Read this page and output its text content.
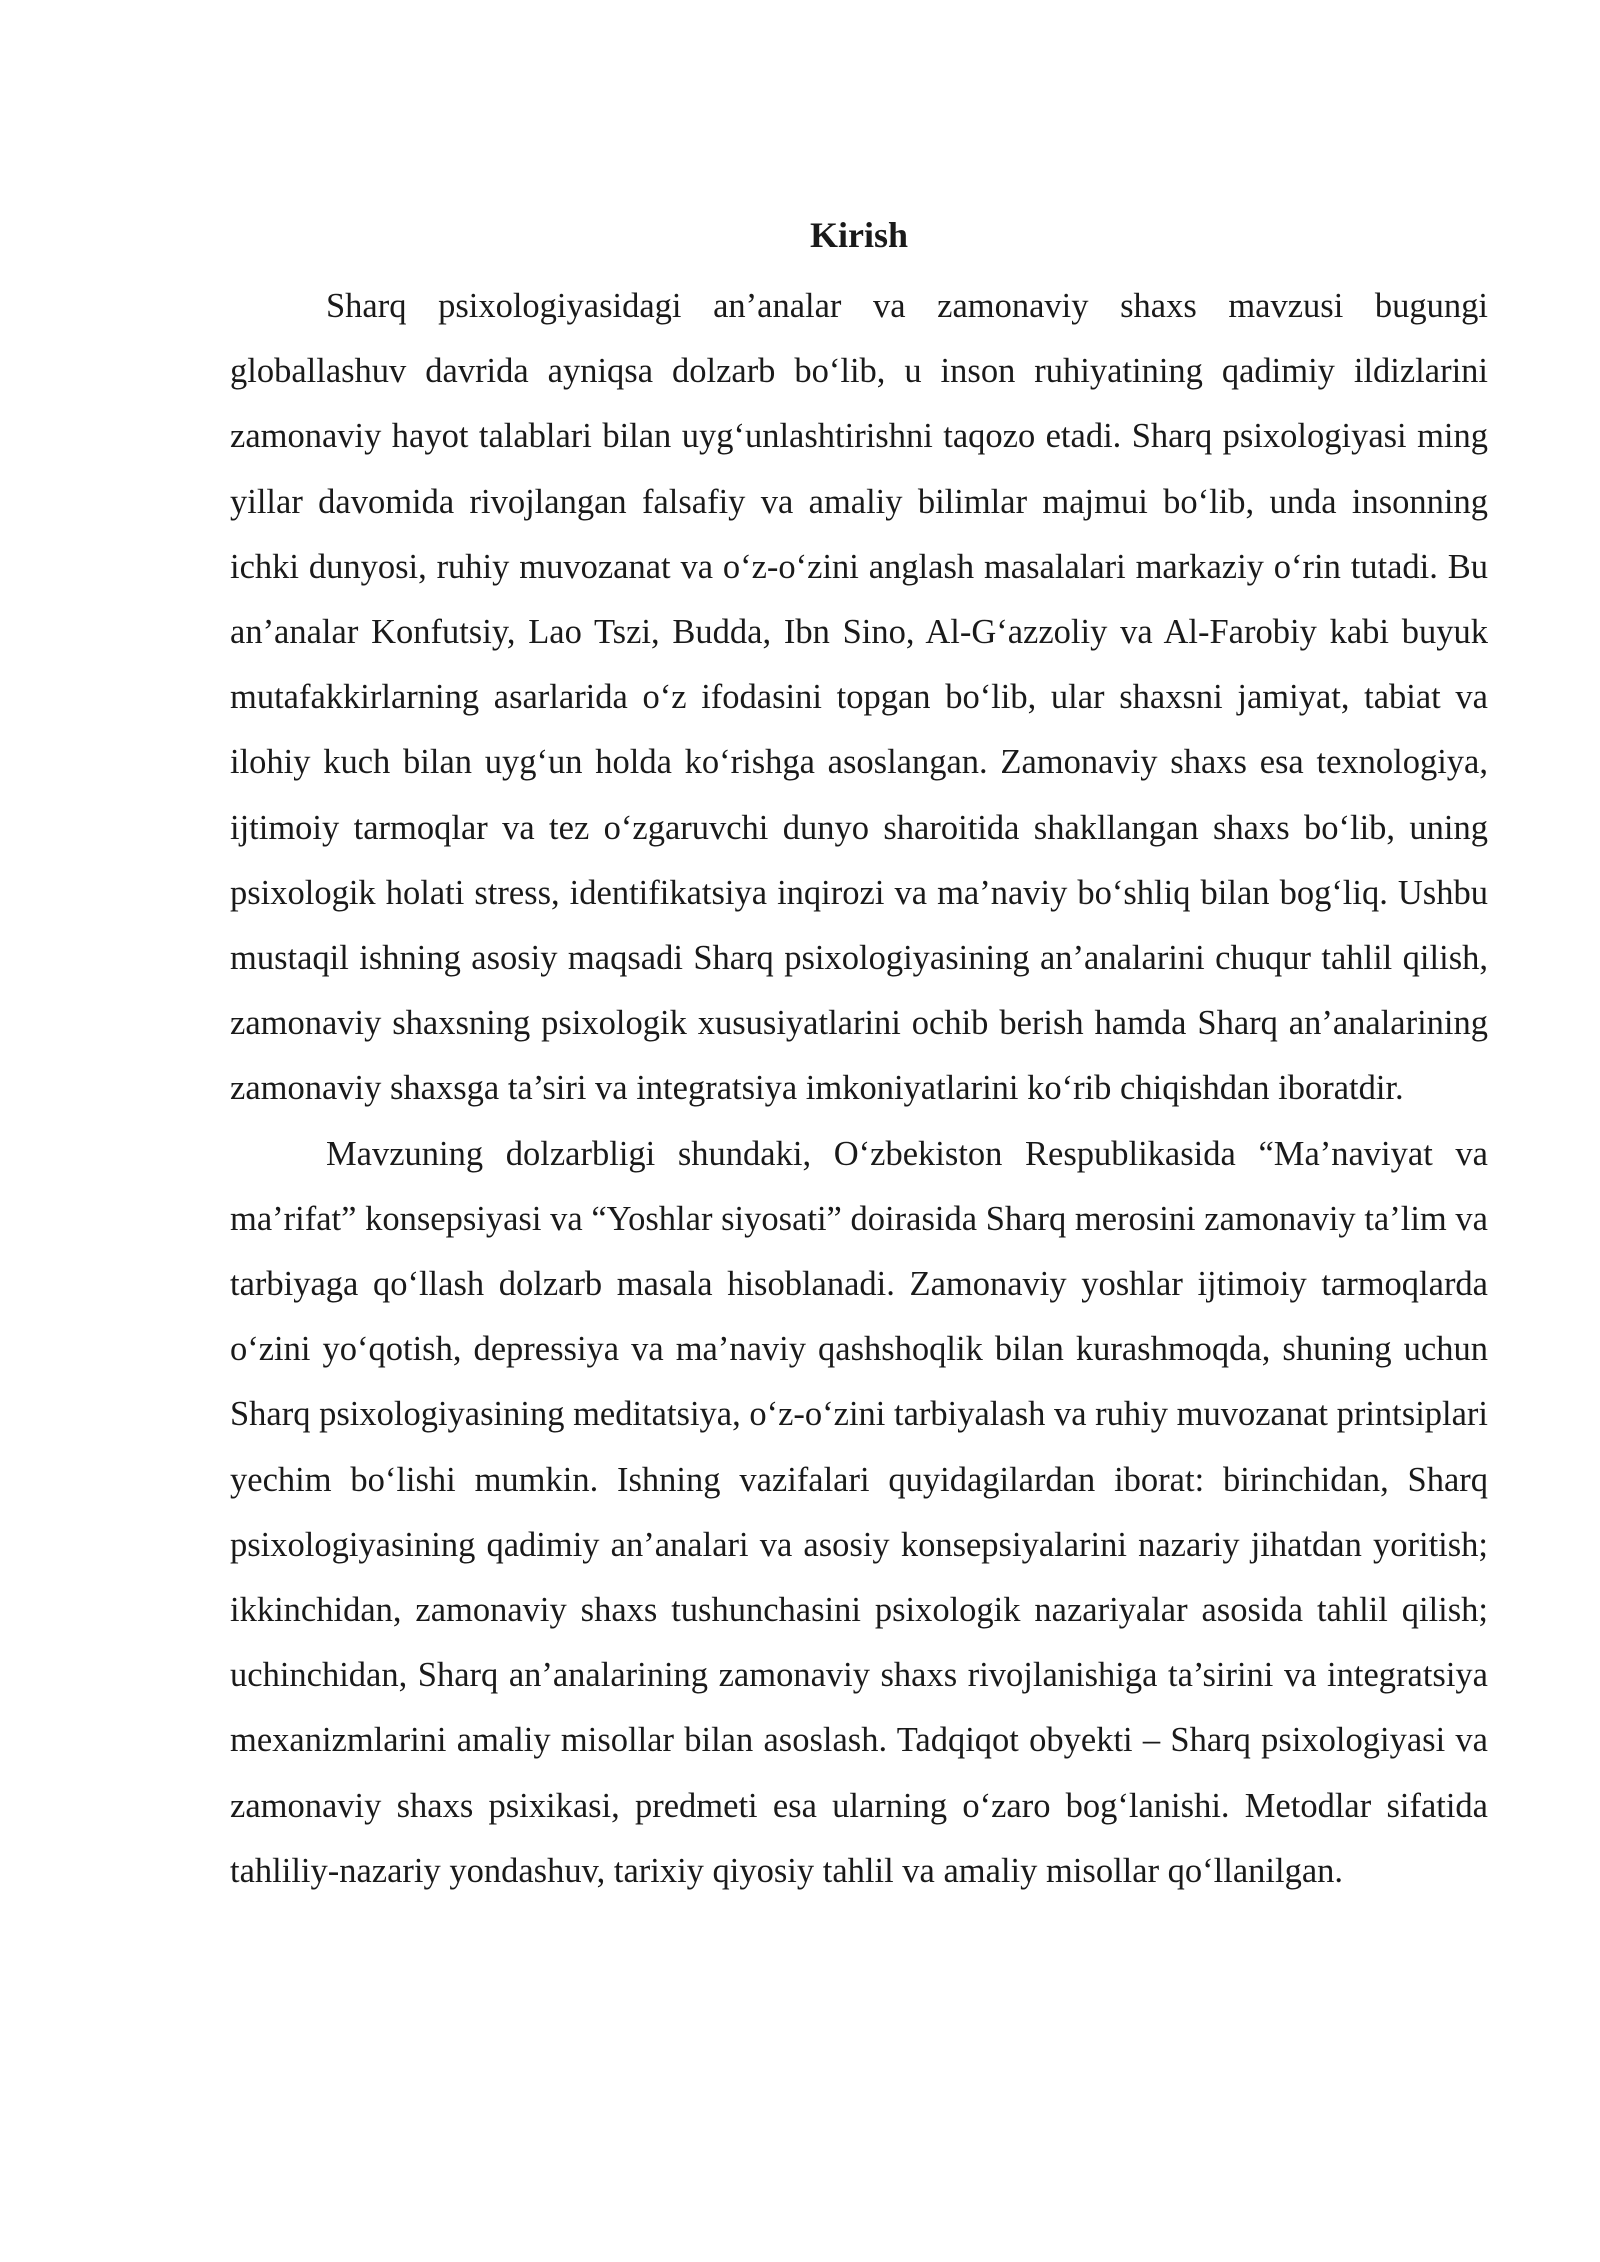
Kirish

Sharq psixologiyasidagi an’analar va zamonaviy shaxs mavzusi bugungi globallashuv davrida ayniqsa dolzarb bo‘lib, u inson ruhiyatining qadimiy ildizlarini zamonaviy hayot talablari bilan uyg‘unlashtirishni taqozo etadi. Sharq psixologiyasi ming yillar davomida rivojlangan falsafiy va amaliy bilimlar majmui bo‘lib, unda insonning ichki dunyosi, ruhiy muvozanat va o‘z-o‘zini anglash masalalari markaziy o‘rin tutadi. Bu an’analar Konfutsiy, Lao Tszi, Budda, Ibn Sino, Al-G‘azzoliy va Al-Farobiy kabi buyuk mutafakkirlarning asarlarida o‘z ifodasini topgan bo‘lib, ular shaxsni jamiyat, tabiat va ilohiy kuch bilan uyg‘un holda ko‘rishga asoslangan. Zamonaviy shaxs esa texnologiya, ijtimoiy tarmoqlar va tez o‘zgaruvchi dunyo sharoitida shakllangan shaxs bo‘lib, uning psixologik holati stress, identifikatsiya inqirozi va ma’naviy bo‘shliq bilan bog‘liq. Ushbu mustaqil ishning asosiy maqsadi Sharq psixologiyasining an’analarini chuqur tahlil qilish, zamonaviy shaxsning psixologik xususiyatlarini ochib berish hamda Sharq an’analarining zamonaviy shaxsga ta’siri va integratsiya imkoniyatlarini ko‘rib chiqishdan iboratdir.

Mavzuning dolzarbligi shundaki, O‘zbekiston Respublikasida “Ma’naviyat va ma’rifat” konsepsiyasi va “Yoshlar siyosati” doirasida Sharq merosini zamonaviy ta’lim va tarbiyaga qo‘llash dolzarb masala hisoblanadi. Zamonaviy yoshlar ijtimoiy tarmoqlarda o‘zini yo‘qotish, depressiya va ma’naviy qashshoqlik bilan kurashmoqda, shuning uchun Sharq psixologiyasining meditatsiya, o‘z-o‘zini tarbiyalash va ruhiy muvozanat printsiplari yechim bo‘lishi mumkin. Ishning vazifalari quyidagilardan iborat: birinchidan, Sharq psixologiyasining qadimiy an’analari va asosiy konsepsiyalarini nazariy jihatdan yoritish; ikkinchidan, zamonaviy shaxs tushunchasini psixologik nazariyalar asosida tahlil qilish; uchinchidan, Sharq an’analarining zamonaviy shaxs rivojlanishiga ta’sirini va integratsiya mexanizmlarini amaliy misollar bilan asoslash. Tadqiqot obyekti – Sharq psixologiyasi va zamonaviy shaxs psixikasi, predmeti esa ularning o‘zaro bog‘lanishi. Metodlar sifatida tahliliy-nazariy yondashuv, tarixiy qiyosiy tahlil va amaliy misollar qo‘llanilgan.
